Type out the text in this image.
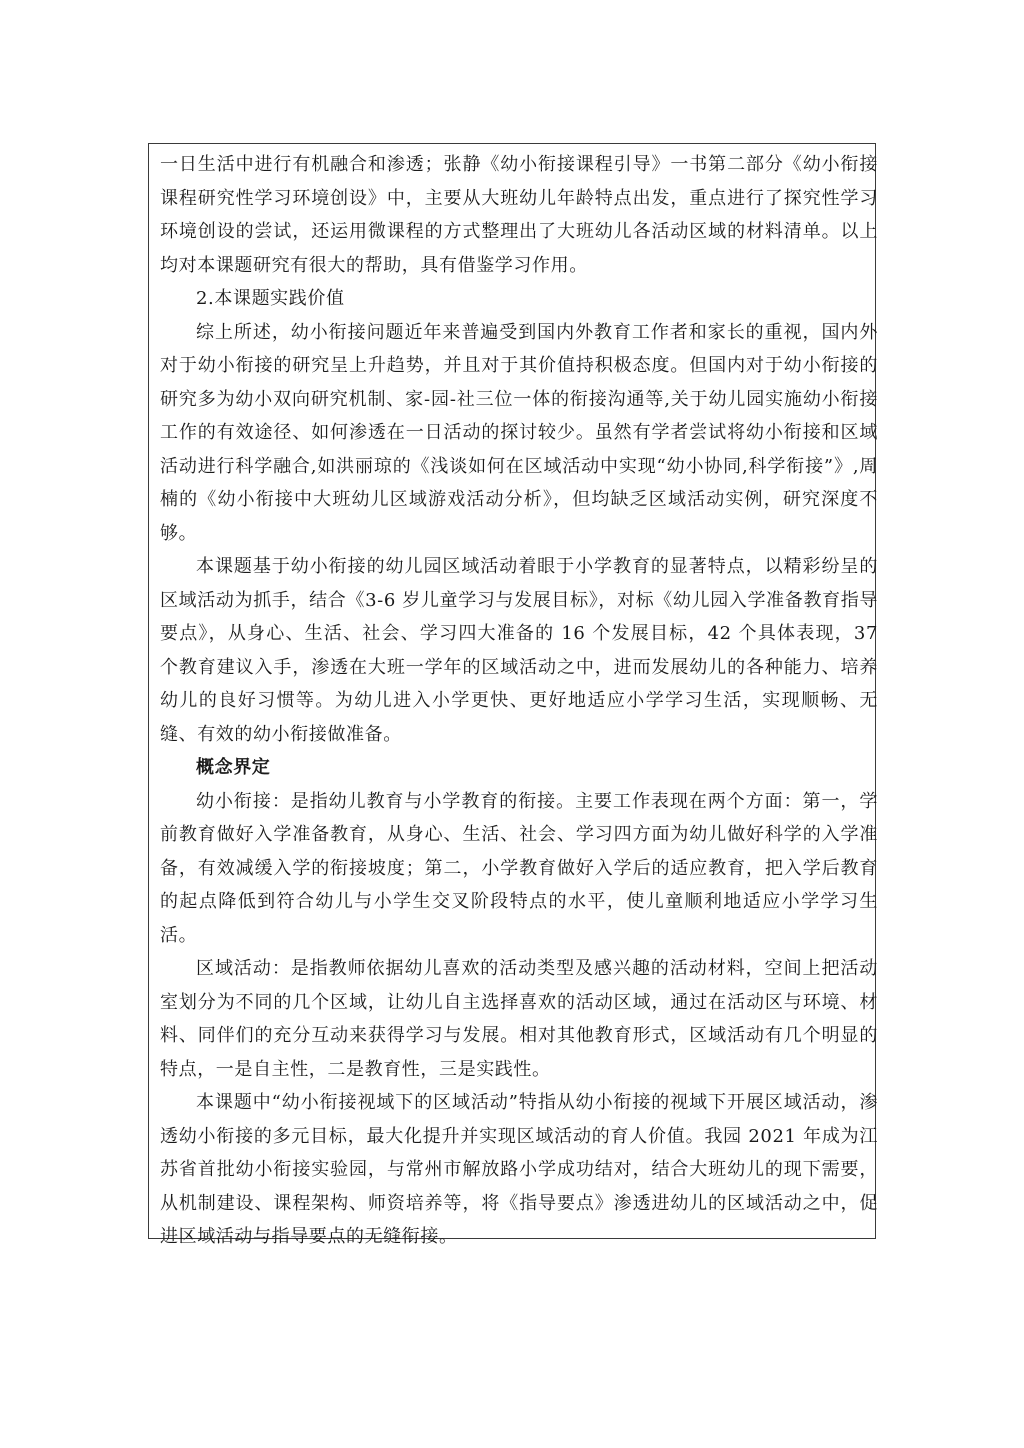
一日生活中进行有机融合和渗透；张静《幼小衔接课程引导》一书第二部分《幼小衔接课程研究性学习环境创设》中，主要从大班幼儿年龄特点出发，重点进行了探究性学习环境创设的尝试，还运用微课程的方式整理出了大班幼儿各活动区域的材料清单。以上均对本课题研究有很大的帮助，具有借鉴学习作用。

2.本课题实践价值

综上所述，幼小衔接问题近年来普遍受到国内外教育工作者和家长的重视，国内外对于幼小衔接的研究呈上升趋势，并且对于其价值持积极态度。但国内对于幼小衔接的研究多为幼小双向研究机制、家-园-社三位一体的衔接沟通等,关于幼儿园实施幼小衔接工作的有效途径、如何渗透在一日活动的探讨较少。虽然有学者尝试将幼小衔接和区域活动进行科学融合,如洪丽琼的《浅谈如何在区域活动中实现“幼小协同,科学衔接”》,周楠的《幼小衔接中大班幼儿区域游戏活动分析》，但均缺乏区域活动实例，研究深度不够。

本课题基于幼小衔接的幼儿园区域活动着眼于小学教育的显著特点，以精彩纷呈的区域活动为抓手，结合《3-6 岁儿童学习与发展目标》，对标《幼儿园入学准备教育指导要点》，从身心、生活、社会、学习四大准备的 16 个发展目标，42 个具体表现，37 个教育建议入手，渗透在大班一学年的区域活动之中，进而发展幼儿的各种能力、培养幼儿的良好习惯等。为幼儿进入小学更快、更好地适应小学学习生活，实现顺畅、无缝、有效的幼小衔接做准备。

概念界定

幼小衔接：是指幼儿教育与小学教育的衔接。主要工作表现在两个方面：第一，学前教育做好入学准备教育，从身心、生活、社会、学习四方面为幼儿做好科学的入学准备，有效减缓入学的衔接坡度；第二，小学教育做好入学后的适应教育，把入学后教育的起点降低到符合幼儿与小学生交叉阶段特点的水平，使儿童顺利地适应小学学习生活。

区域活动：是指教师依据幼儿喜欢的活动类型及感兴趣的活动材料，空间上把活动室划分为不同的几个区域，让幼儿自主选择喜欢的活动区域，通过在活动区与环境、材料、同伴们的充分互动来获得学习与发展。相对其他教育形式，区域活动有几个明显的特点，一是自主性，二是教育性，三是实践性。

本课题中“幼小衔接视域下的区域活动”特指从幼小衔接的视域下开展区域活动，渗透幼小衔接的多元目标，最大化提升并实现区域活动的育人价值。我园 2021 年成为江苏省首批幼小衔接实验园，与常州市解放路小学成功结对，结合大班幼儿的现下需要，从机制建设、课程架构、师资培养等，将《指导要点》渗透进幼儿的区域活动之中，促进区域活动与指导要点的无缝衔接。
